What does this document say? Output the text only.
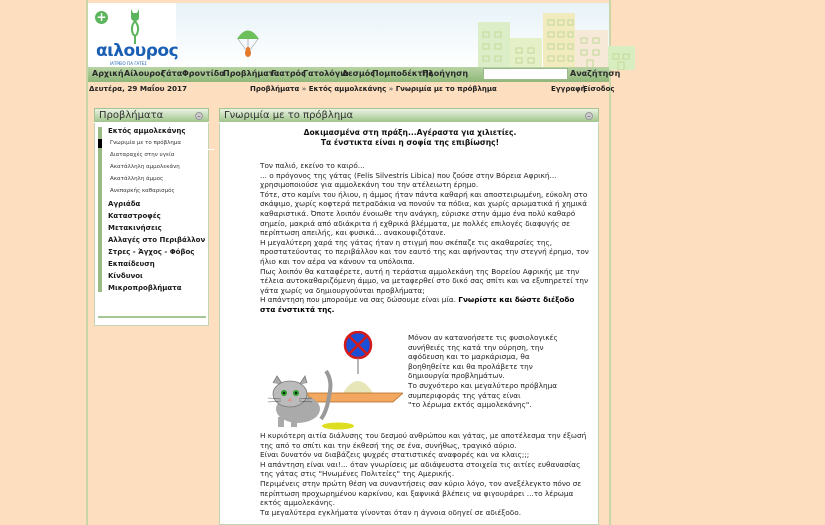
+
αιλουρος
ΙΑΤΡΕΙΟ ΓΙΑ ΓΑΤΕΣ
Αρχική Αίλουρος
Γάτα Φροντίδα
Προβλήματα
Γιατρός
Γατολόγιο
Δεσμός
Πομποδέκτης
Πλοήγηση	Αναζήτηση
Δευτέρα, 29 Μαΐου 2017	Προβλήματα » Εκτός αμμολεκάνης » Γνωριμία με το πρόβλημα	Εγγραφή
Είσοδος
Προβλήματα	–
Εκτός αμμολεκάνης
Γνωριμία με το πρόβλημα
Διαταραχές στην υγεία
Ακατάλληλη αμμολεκάνη
Ακατάλληλη άμμος
Ανεπαρκής καθαρισμός
Αγριάδα
Καταστροφές
Μετακινήσεις
Αλλαγές στο Περιβάλλον
Στρες - Άγχος - Φόβος
Εκπαίδευση
Κίνδυνοι
Μικροπροβλήματα
Γνωριμία με το πρόβλημα	–
Δοκιμασμένα στη πράξη...Αγέραστα για χιλιετίες.
Τα ένστικτα είναι η σοφία της επιβίωσης!
Τον παλιό, εκείνο το καιρό...
... ο πρόγονος της γάτας (Felis Silvestris Libica) που ζούσε στην Βόρεια Αφρική... χρησιμοποιούσε για αμμολεκάνη του την ατέλειωτη έρημο.
Τότε, στο καμίνι του ήλιου, η άμμος ήταν πάντα καθαρή και αποστειρωμένη, εύκολη στο σκάψιμο, χωρίς κοφτερά πετραδάκια να πονούν τα πόδια, και χωρίς αρωματικά ή χημικά καθαριστικά. Όποτε λοιπόν ένοιωθε την ανάγκη, εύρισκε στην άμμο ένα πολύ καθαρό σημείο, μακριά από αδιάκριτα ή εχθρικά βλέμματα, με πολλές επιλογές διαφυγής σε περίπτωση απειλής, και φυσικά... ανακουφιζότανε.
Η μεγαλύτερη χαρά της γάτας ήταν η στιγμή που σκέπαζε τις ακαθαρσίες της, προστατεύοντας το περιβάλλον και τον εαυτό της και αφήνοντας την στεγνή έρημο, τον ήλιο και τον αέρα να κάνουν τα υπόλοιπα.
Πως λοιπόν θα καταφέρετε, αυτή η τεράστια αμμολεκάνη της Βορείου Αφρικής με την τέλεια αυτοκαθαριζόμενη άμμο, να μεταφερθεί στο δικό σας σπίτι και να εξυπηρετεί την γάτα χωρίς να δημιουργούνται προβλήματα;
Η απάντηση που μπορούμε να σας δώσουμε είναι μία. Γνωρίστε και δώστε διέξοδο στα ένστικτά της.
Μόνον αν κατανοήσετε τις φυσιολογικές συνήθειές της κατά την ούρηση, την αφόδευση και το μαρκάρισμα, θα βοηθηθείτε και θα προλάβετε την δημιουργία προβλημάτων.
Το συχνότερο και μεγαλύτερο πρόβλημα συμπεριφοράς της γάτας είναι
"το λέρωμα εκτός αμμολεκάνης".
Η κυριότερη αιτία διάλυσης του δεσμού ανθρώπου και γάτας, με αποτέλεσμα την έξωσή της από το σπίτι και την έκθεσή της σε ένα, συνήθως, τραγικό αύριο.
Είναι δυνατόν να διαβάζεις ψυχρές στατιστικές αναφορές και να κλαις;;;
Η απάντηση είναι ναι!... όταν γνωρίσεις με αδιάψευστα στοιχεία τις αιτίες ευθανασίας της γάτας στις "Ηνωμένες Πολιτείες" της Αμερικής.
Περιμένεις στην πρώτη θέση να συναντήσεις σαν κύριο λόγο, τον ανεξέλεγκτο πόνο σε περίπτωση προχωρημένου καρκίνου, και ξαφνικά βλέπεις να φιγουράρει ...το λέρωμα εκτός αμμολεκάνης.
Τα μεγαλύτερα εγκλήματα γίνονται όταν η άγνοια οδηγεί σε αδιέξοδο.
